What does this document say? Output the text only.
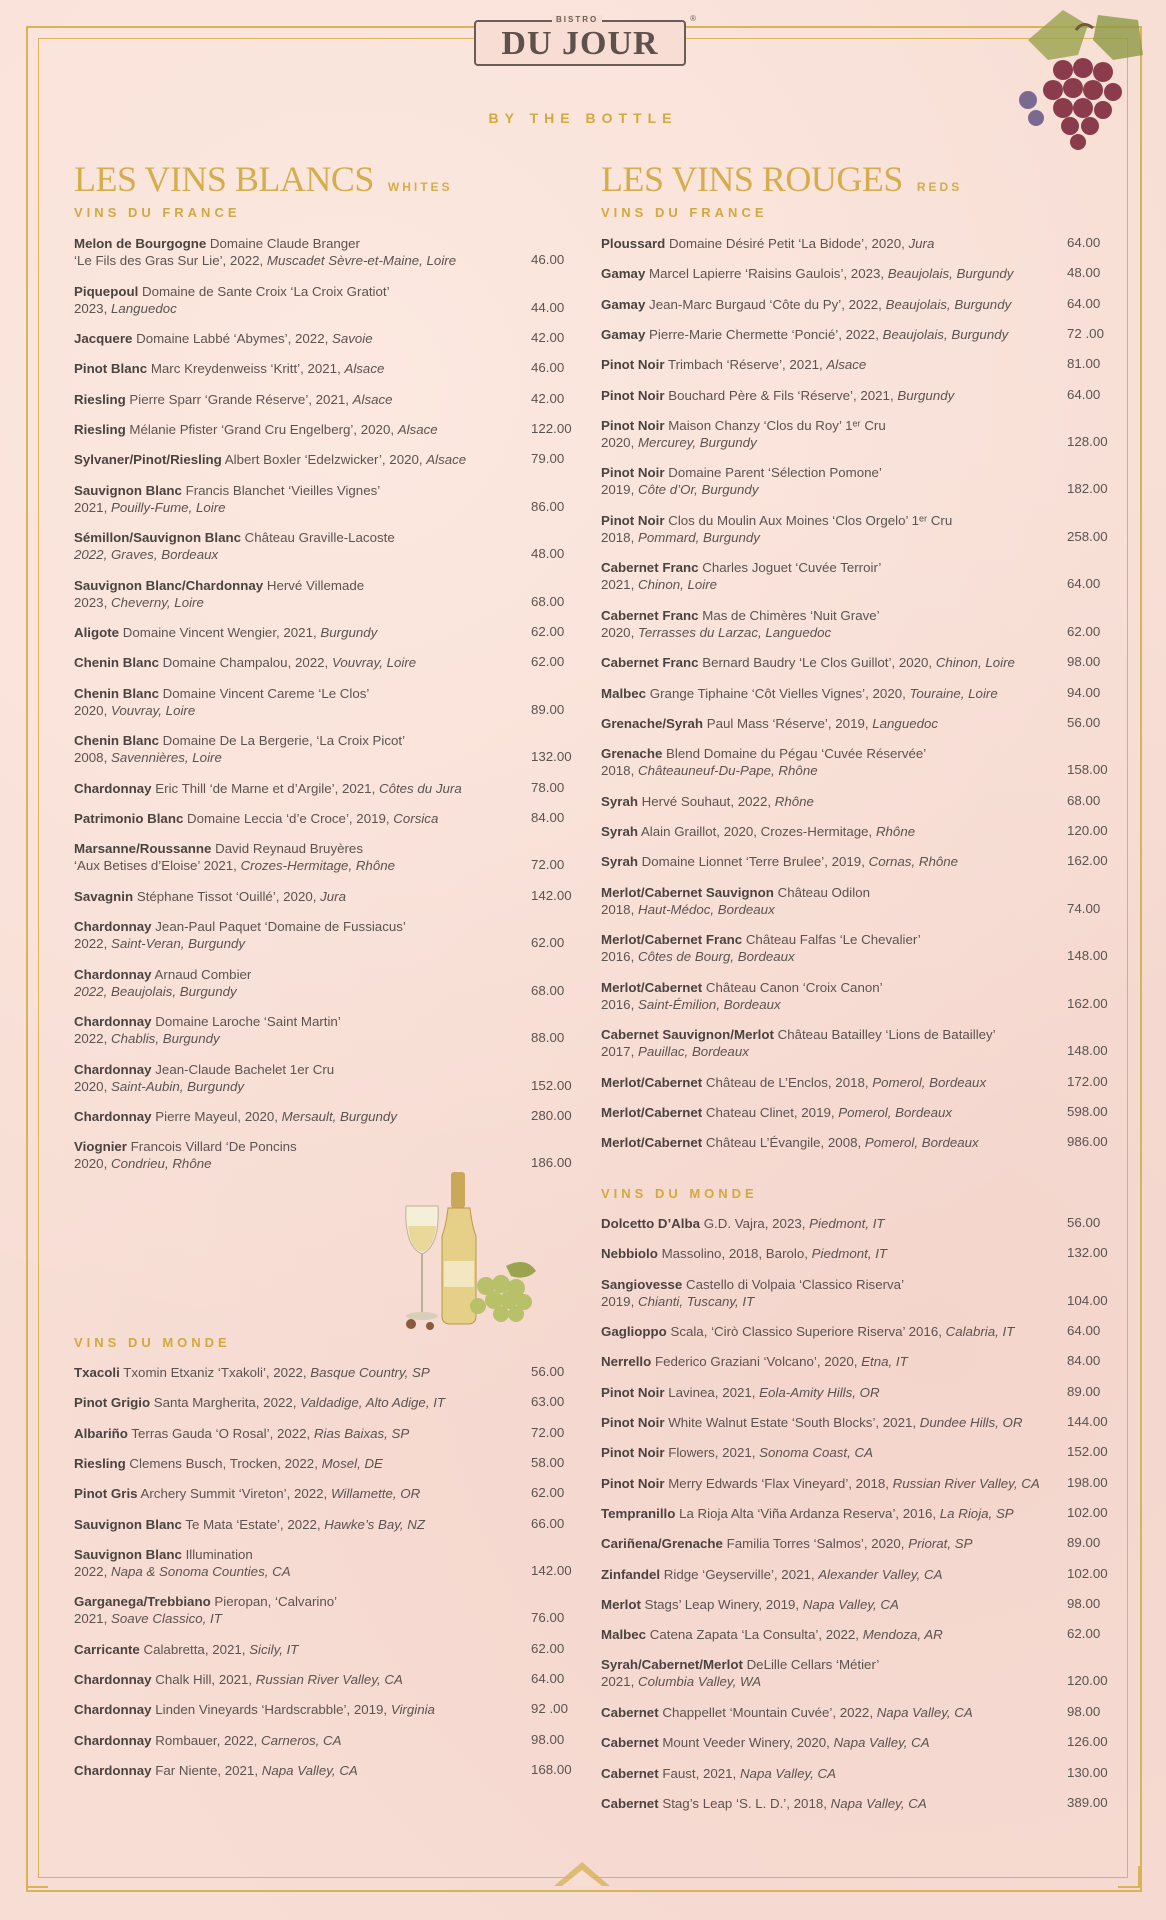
BISTRO
DU JOUR
®
BY THE BOTTLE
LES VINS BLANCS WHITES	LES VINS ROUGES REDS
VINS DU FRANCE	VINS DU FRANCE
VINS DU MONDE
VINS DU MONDE
Melon de Bourgogne Domaine Claude Branger
‘Le Fils des Gras Sur Lie’, 2022, Muscadet Sèvre-et-Maine, Loire	46.00
Piquepoul Domaine de Sante Croix ‘La Croix Gratiot’
2023, Languedoc	44.00
Jacquere Domaine Labbé ‘Abymes’, 2022, Savoie	42.00
Pinot Blanc Marc Kreydenweiss ‘Kritt’, 2021, Alsace	46.00
Riesling Pierre Sparr ‘Grande Réserve’, 2021, Alsace	42.00
Riesling Mélanie Pfister ‘Grand Cru Engelberg’, 2020, Alsace	122.00
Sylvaner/Pinot/Riesling Albert Boxler ‘Edelzwicker’, 2020, Alsace	79.00
Sauvignon Blanc Francis Blanchet ‘Vieilles Vignes’
2021, Pouilly-Fume, Loire	86.00
Sémillon/Sauvignon Blanc Château Graville-Lacoste
2022, Graves, Bordeaux	48.00
Sauvignon Blanc/Chardonnay Hervé Villemade
2023, Cheverny, Loire	68.00
Aligote Domaine Vincent Wengier, 2021, Burgundy	62.00
Chenin Blanc Domaine Champalou, 2022, Vouvray, Loire	62.00
Chenin Blanc Domaine Vincent Careme ‘Le Clos’
2020, Vouvray, Loire	89.00
Chenin Blanc Domaine De La Bergerie, ‘La Croix Picot’
2008, Savennières, Loire	132.00
Chardonnay Eric Thill ‘de Marne et d’Argile’, 2021, Côtes du Jura	78.00
Patrimonio Blanc Domaine Leccia ‘d’e Croce’, 2019, Corsica	84.00
Marsanne/Roussanne David Reynaud Bruyères
‘Aux Betises d’Eloise’ 2021, Crozes-Hermitage, Rhône	72.00
Savagnin Stéphane Tissot ‘Ouillé’, 2020, Jura	142.00
Chardonnay Jean-Paul Paquet ‘Domaine de Fussiacus’
2022, Saint-Veran, Burgundy	62.00
Chardonnay Arnaud Combier
2022, Beaujolais, Burgundy	68.00
Chardonnay Domaine Laroche ‘Saint Martin’
2022, Chablis, Burgundy	88.00
Chardonnay Jean-Claude Bachelet 1er Cru
2020, Saint-Aubin, Burgundy	152.00
Chardonnay Pierre Mayeul, 2020, Mersault, Burgundy	280.00
Viognier Francois Villard ‘De Poncins
2020, Condrieu, Rhône	186.00
Txacoli Txomin Etxaniz ‘Txakoli’, 2022, Basque Country, SP	56.00
Pinot Grigio Santa Margherita, 2022, Valdadige, Alto Adige, IT	63.00
Albariño Terras Gauda ‘O Rosal’, 2022, Rias Baixas, SP	72.00
Riesling Clemens Busch, Trocken, 2022, Mosel, DE	58.00
Pinot Gris Archery Summit ‘Vireton’, 2022, Willamette, OR	62.00
Sauvignon Blanc Te Mata ‘Estate’, 2022, Hawke’s Bay, NZ	66.00
Sauvignon Blanc Illumination
2022, Napa & Sonoma Counties, CA	142.00
Garganega/Trebbiano Pieropan, ‘Calvarino’
2021, Soave Classico, IT	76.00
Carricante Calabretta, 2021, Sicily, IT	62.00
Chardonnay Chalk Hill, 2021, Russian River Valley, CA	64.00
Chardonnay Linden Vineyards ‘Hardscrabble’, 2019, Virginia	92 .00
Chardonnay Rombauer, 2022, Carneros, CA	98.00
Chardonnay Far Niente, 2021, Napa Valley, CA	168.00
Ploussard Domaine Désiré Petit ‘La Bidode’, 2020, Jura	64.00
Gamay Marcel Lapierre ‘Raisins Gaulois’, 2023, Beaujolais, Burgundy	48.00
Gamay Jean-Marc Burgaud ‘Côte du Py’, 2022, Beaujolais, Burgundy	64.00
Gamay Pierre-Marie Chermette ‘Poncié’, 2022, Beaujolais, Burgundy	72 .00
Pinot Noir Trimbach ‘Réserve’, 2021, Alsace	81.00
Pinot Noir Bouchard Père & Fils ‘Réserve’, 2021, Burgundy	64.00
Pinot Noir Maison Chanzy ‘Clos du Roy’ 1ᵉʳ Cru
2020, Mercurey, Burgundy	128.00
Pinot Noir Domaine Parent ‘Sélection Pomone’
2019, Côte d’Or, Burgundy	182.00
Pinot Noir Clos du Moulin Aux Moines ‘Clos Orgelo’ 1ᵉʳ Cru
2018, Pommard, Burgundy	258.00
Cabernet Franc Charles Joguet ‘Cuvée Terroir’
2021, Chinon, Loire	64.00
Cabernet Franc Mas de Chimères ‘Nuit Grave’
2020, Terrasses du Larzac, Languedoc	62.00
Cabernet Franc Bernard Baudry ‘Le Clos Guillot’, 2020, Chinon, Loire	98.00
Malbec Grange Tiphaine ‘Côt Vielles Vignes’, 2020, Touraine, Loire	94.00
Grenache/Syrah Paul Mass ‘Réserve’, 2019, Languedoc	56.00
Grenache Blend Domaine du Pégau ‘Cuvée Réservée’
2018, Châteauneuf-Du-Pape, Rhône	158.00
Syrah Hervé Souhaut, 2022, Rhône	68.00
Syrah Alain Graillot, 2020, Crozes-Hermitage, Rhône	120.00
Syrah Domaine Lionnet ‘Terre Brulee’, 2019, Cornas, Rhône	162.00
Merlot/Cabernet Sauvignon Château Odilon
2018, Haut-Médoc, Bordeaux	74.00
Merlot/Cabernet Franc Château Falfas ‘Le Chevalier’
2016, Côtes de Bourg, Bordeaux	148.00
Merlot/Cabernet Château Canon ‘Croix Canon’
2016, Saint-Émilion, Bordeaux	162.00
Cabernet Sauvignon/Merlot Château Batailley ‘Lions de Batailley’
2017, Pauillac, Bordeaux	148.00
Merlot/Cabernet Château de L’Enclos, 2018, Pomerol, Bordeaux	172.00
Merlot/Cabernet Chateau Clinet, 2019, Pomerol, Bordeaux	598.00
Merlot/Cabernet Château L’Évangile, 2008, Pomerol, Bordeaux	986.00
Dolcetto D’Alba G.D. Vajra, 2023, Piedmont, IT	56.00
Nebbiolo Massolino, 2018, Barolo, Piedmont, IT	132.00
Sangiovesse Castello di Volpaia ‘Classico Riserva’
2019, Chianti, Tuscany, IT	104.00
Gaglioppo Scala, ‘Cirò Classico Superiore Riserva’ 2016, Calabria, IT	64.00
Nerrello Federico Graziani ‘Volcano’, 2020, Etna, IT	84.00
Pinot Noir Lavinea, 2021, Eola-Amity Hills, OR	89.00
Pinot Noir White Walnut Estate ‘South Blocks’, 2021, Dundee Hills, OR	144.00
Pinot Noir Flowers, 2021, Sonoma Coast, CA	152.00
Pinot Noir Merry Edwards ‘Flax Vineyard’, 2018, Russian River Valley, CA 198.00
Tempranillo La Rioja Alta ‘Viña Ardanza Reserva’, 2016, La Rioja, SP	102.00
Cariñena/Grenache Familia Torres ‘Salmos’, 2020, Priorat, SP	89.00
Zinfandel Ridge ‘Geyserville’, 2021, Alexander Valley, CA	102.00
Merlot Stags’ Leap Winery, 2019, Napa Valley, CA	98.00
Malbec Catena Zapata ‘La Consulta’, 2022, Mendoza, AR	62.00
Syrah/Cabernet/Merlot DeLille Cellars ‘Métier’
2021, Columbia Valley, WA	120.00
Cabernet Chappellet ‘Mountain Cuvée’, 2022, Napa Valley, CA	98.00
Cabernet Mount Veeder Winery, 2020, Napa Valley, CA	126.00
Cabernet Faust, 2021, Napa Valley, CA	130.00
Cabernet Stag’s Leap ‘S. L. D.’, 2018, Napa Valley, CA	389.00
